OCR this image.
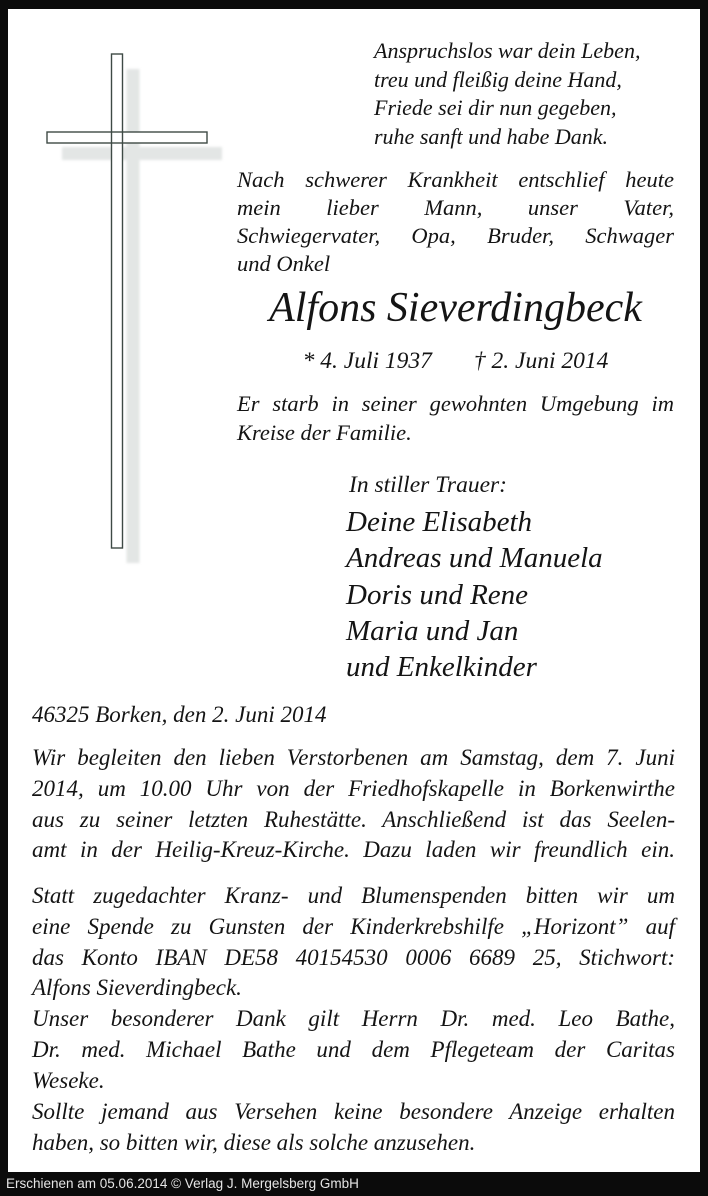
Anspruchslos war dein Leben,
treu und fleißig deine Hand,
Friede sei dir nun gegeben,
ruhe sanft und habe Dank.
Nach schwerer Krankheit entschlief heute
mein lieber Mann, unser Vater,
Schwiegervater, Opa, Bruder, Schwager
und Onkel
Alfons Sieverdingbeck
* 4. Juli 1937 † 2. Juni 2014
Er starb in seiner gewohnten Umgebung im
Kreise der Familie.
In stiller Trauer:
Deine Elisabeth
Andreas und Manuela
Doris und Rene
Maria und Jan
und Enkelkinder
46325 Borken, den 2. Juni 2014
Wir begleiten den lieben Verstorbenen am Samstag, dem 7. Juni
2014, um 10.00 Uhr von der Friedhofskapelle in Borkenwirthe
aus zu seiner letzten Ruhestätte. Anschließend ist das Seelen-
amt in der Heilig-Kreuz-Kirche. Dazu laden wir freundlich ein.
Statt zugedachter Kranz- und Blumenspenden bitten wir um
eine Spende zu Gunsten der Kinderkrebshilfe „Horizont” auf
das Konto IBAN DE58 40154530 0006 6689 25, Stichwort:
Alfons Sieverdingbeck.
Unser besonderer Dank gilt Herrn Dr. med. Leo Bathe,
Dr. med. Michael Bathe und dem Pflegeteam der Caritas
Weseke.
Sollte jemand aus Versehen keine besondere Anzeige erhalten
haben, so bitten wir, diese als solche anzusehen.
Erschienen am 05.06.2014 © Verlag J. Mergelsberg GmbH
